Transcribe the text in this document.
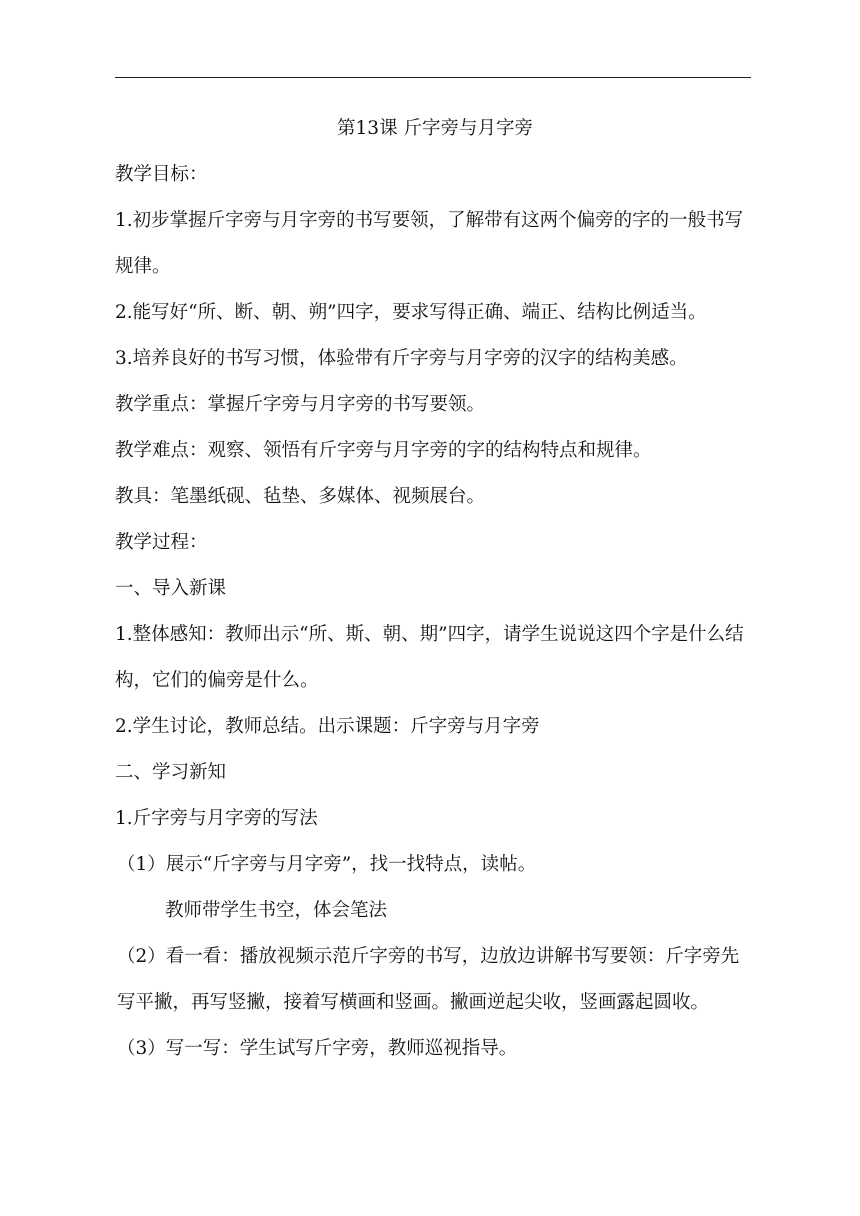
第13课 斤字旁与月字旁

教学目标：

1.初步掌握斤字旁与月字旁的书写要领，了解带有这两个偏旁的字的一般书写规律。

2.能写好“所、断、朝、朔”四字，要求写得正确、端正、结构比例适当。

3.培养良好的书写习惯，体验带有斤字旁与月字旁的汉字的结构美感。

教学重点：掌握斤字旁与月字旁的书写要领。

教学难点：观察、领悟有斤字旁与月字旁的字的结构特点和规律。

教具：笔墨纸砚、毡垫、多媒体、视频展台。

教学过程：

一、导入新课

1.整体感知：教师出示“所、斯、朝、期”四字，请学生说说这四个字是什么结构，它们的偏旁是什么。

2.学生讨论，教师总结。出示课题：斤字旁与月字旁

二、学习新知

1.斤字旁与月字旁的写法

（1）展示“斤字旁与月字旁”，找一找特点，读帖。

教师带学生书空，体会笔法

（2）看一看：播放视频示范斤字旁的书写，边放边讲解书写要领：斤字旁先写平撇，再写竖撇，接着写横画和竖画。撇画逆起尖收，竖画露起圆收。

（3）写一写：学生试写斤字旁，教师巡视指导。
